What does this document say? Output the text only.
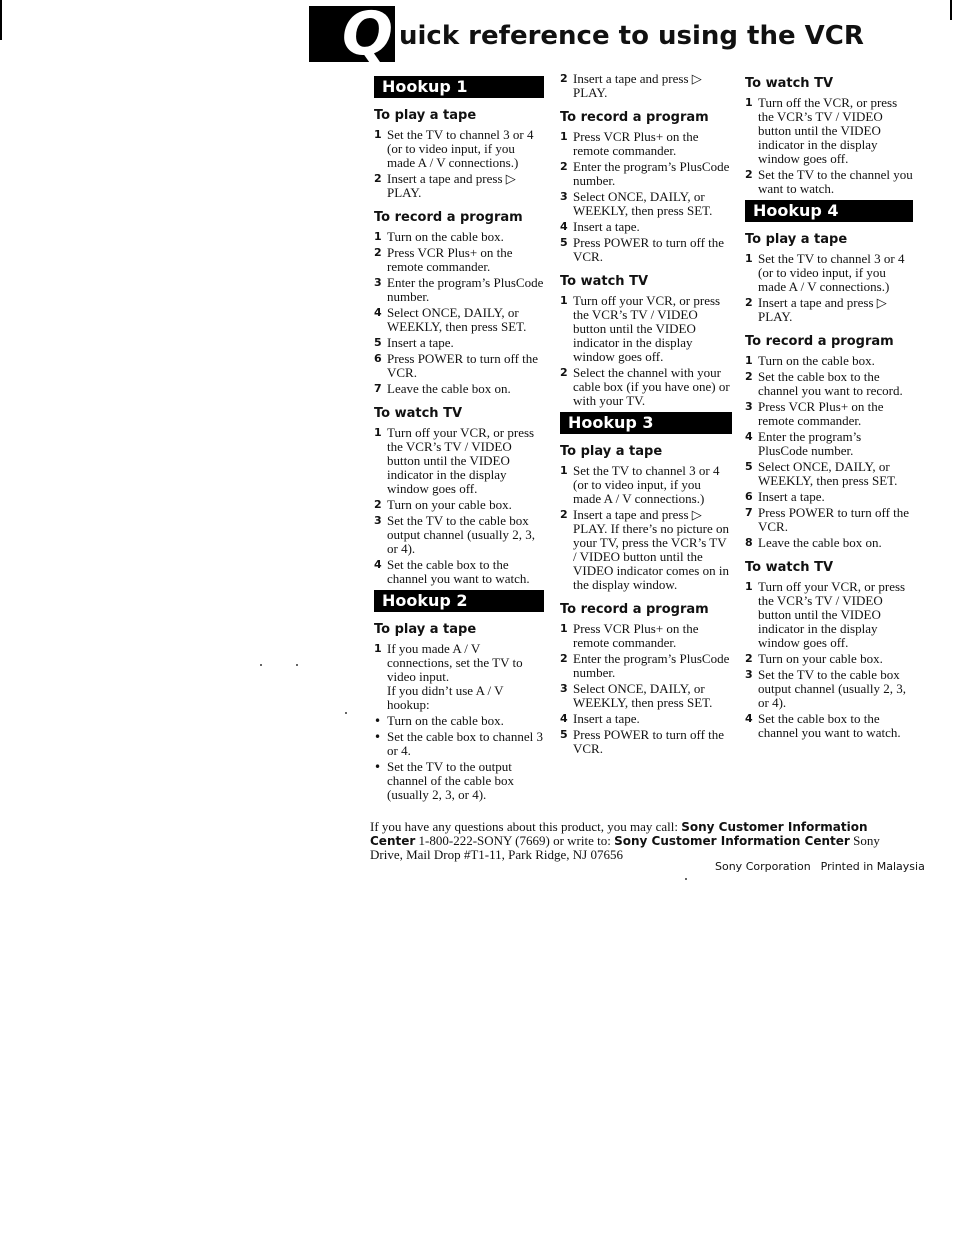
Q uick reference to using the VCR
Hookup 1
To play a tape
1 Set the TV to channel 3 or 4 (or to video input, if you made A / V connections.)
2 Insert a tape and press ▷ PLAY.
To record a program
1 Turn on the cable box.
2 Press VCR Plus+ on the remote commander.
3 Enter the program’s PlusCode number.
4 Select ONCE, DAILY, or WEEKLY, then press SET.
5 Insert a tape.
6 Press POWER to turn off the VCR.
7 Leave the cable box on.
To watch TV
1 Turn off your VCR, or press the VCR’s TV / VIDEO button until the VIDEO indicator in the display window goes off.
2 Turn on your cable box.
3 Set the TV to the cable box output channel (usually 2, 3, or 4).
4 Set the cable box to the channel you want to watch.
Hookup 2
To play a tape
1 If you made A / V connections, set the TV to video input.
If you didn’t use A / V hookup:
• Turn on the cable box.
• Set the cable box to channel 3 or 4.
• Set the TV to the output channel of the cable box (usually 2, 3, or 4).
2 Insert a tape and press ▷ PLAY.
To record a program
1 Press VCR Plus+ on the remote commander.
2 Enter the program’s PlusCode number.
3 Select ONCE, DAILY, or WEEKLY, then press SET.
4 Insert a tape.
5 Press POWER to turn off the VCR.
To watch TV
1 Turn off your VCR, or press the VCR’s TV / VIDEO button until the VIDEO indicator in the display window goes off.
2 Select the channel with your cable box (if you have one) or with your TV.
Hookup 3
To play a tape
1 Set the TV to channel 3 or 4 (or to video input, if you made A / V connections.)
2 Insert a tape and press ▷ PLAY. If there’s no picture on your TV, press the VCR’s TV / VIDEO button until the VIDEO indicator comes on in the display window.
To record a program
1 Press VCR Plus+ on the remote commander.
2 Enter the program’s PlusCode number.
3 Select ONCE, DAILY, or WEEKLY, then press SET.
4 Insert a tape.
5 Press POWER to turn off the VCR.
To watch TV
1 Turn off the VCR, or press the VCR’s TV / VIDEO button until the VIDEO indicator in the display window goes off.
2 Set the TV to the channel you want to watch.
Hookup 4
To play a tape
1 Set the TV to channel 3 or 4 (or to video input, if you made A / V connections.)
2 Insert a tape and press ▷ PLAY.
To record a program
1 Turn on the cable box.
2 Set the cable box to the channel you want to record.
3 Press VCR Plus+ on the remote commander.
4 Enter the program’s PlusCode number.
5 Select ONCE, DAILY, or WEEKLY, then press SET.
6 Insert a tape.
7 Press POWER to turn off the VCR.
8 Leave the cable box on.
To watch TV
1 Turn off your VCR, or press the VCR’s TV / VIDEO button until the VIDEO indicator in the display window goes off.
2 Turn on your cable box.
3 Set the TV to the cable box output channel (usually 2, 3, or 4).
4 Set the cable box to the channel you want to watch.
If you have any questions about this product, you may call: Sony Customer Information Center 1-800-222-SONY (7669) or write to: Sony Customer Information Center Sony Drive, Mail Drop #T1-11, Park Ridge, NJ 07656
Sony Corporation Printed in Malaysia
